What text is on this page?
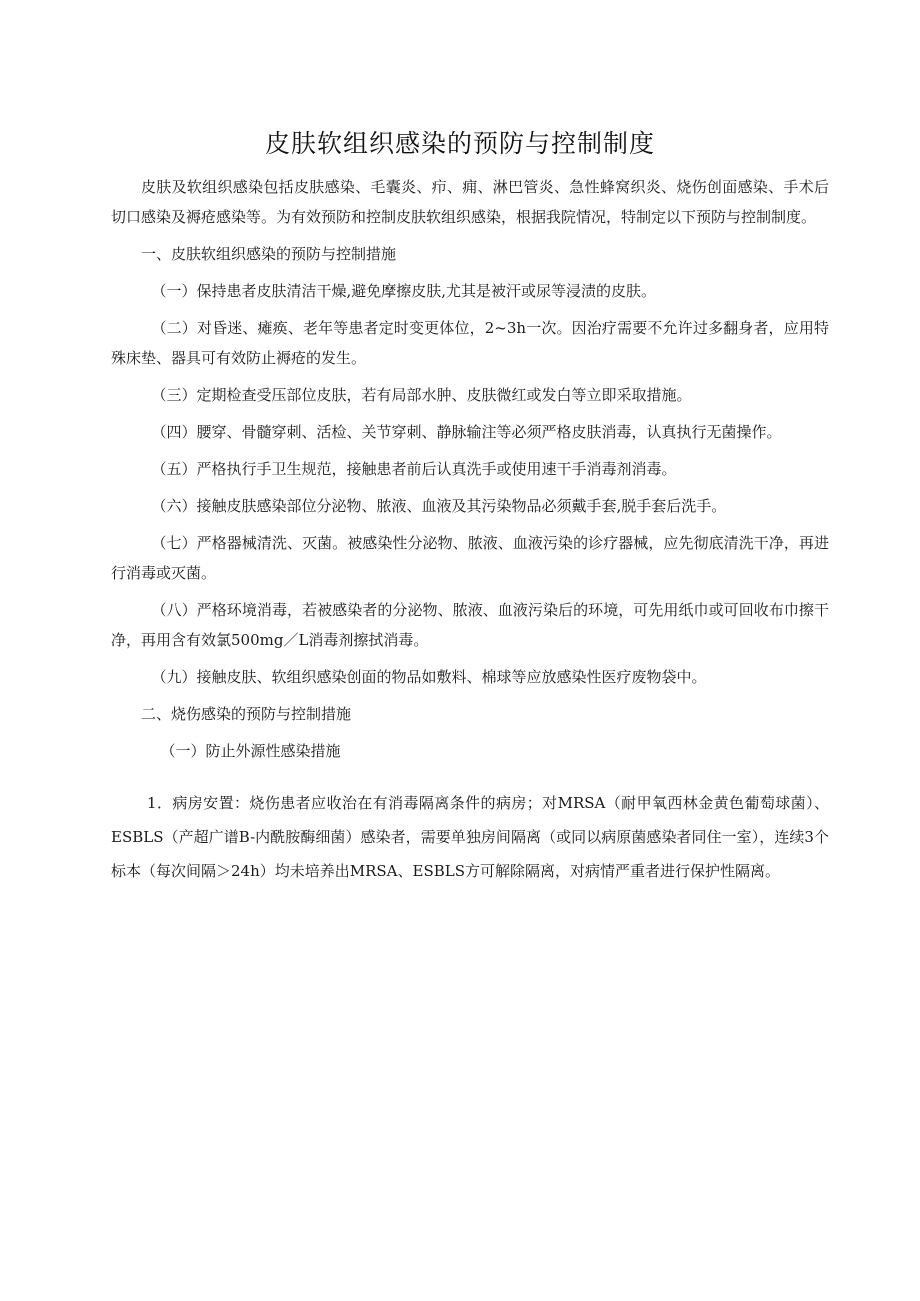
皮肤软组织感染的预防与控制制度

皮肤及软组织感染包括皮肤感染、毛囊炎、疖、痈、淋巴管炎、急性蜂窝织炎、烧伤创面感染、手术后切口感染及褥疮感染等。为有效预防和控制皮肤软组织感染，根据我院情况，特制定以下预防与控制制度。

一、皮肤软组织感染的预防与控制措施

（一）保持患者皮肤清洁干燥,避免摩擦皮肤,尤其是被汗或尿等浸渍的皮肤。

（二）对昏迷、瘫痪、老年等患者定时变更体位，2~3h一次。因治疗需要不允许过多翻身者，应用特殊床垫、器具可有效防止褥疮的发生。

（三）定期检查受压部位皮肤，若有局部水肿、皮肤微红或发白等立即采取措施。

（四）腰穿、骨髓穿刺、活检、关节穿刺、静脉输注等必须严格皮肤消毒，认真执行无菌操作。

（五）严格执行手卫生规范，接触患者前后认真洗手或使用速干手消毒剂消毒。

（六）接触皮肤感染部位分泌物、脓液、血液及其污染物品必须戴手套,脱手套后洗手。

（七）严格器械清洗、灭菌。被感染性分泌物、脓液、血液污染的诊疗器械，应先彻底清洗干净，再进行消毒或灭菌。

（八）严格环境消毒，若被感染者的分泌物、脓液、血液污染后的环境，可先用纸巾或可回收布巾擦干净，再用含有效氯500mg／L消毒剂擦拭消毒。

（九）接触皮肤、软组织感染创面的物品如敷料、棉球等应放感染性医疗废物袋中。

二、烧伤感染的预防与控制措施

（一）防止外源性感染措施

1．病房安置：烧伤患者应收治在有消毒隔离条件的病房；对MRSA（耐甲氧西林金黄色葡萄球菌）、ESBLS（产超广谱B-内酰胺酶细菌）感染者，需要单独房间隔离（或同以病原菌感染者同住一室），连续3个标本（每次间隔＞24h）均未培养出MRSA、ESBLS方可解除隔离，对病情严重者进行保护性隔离。
